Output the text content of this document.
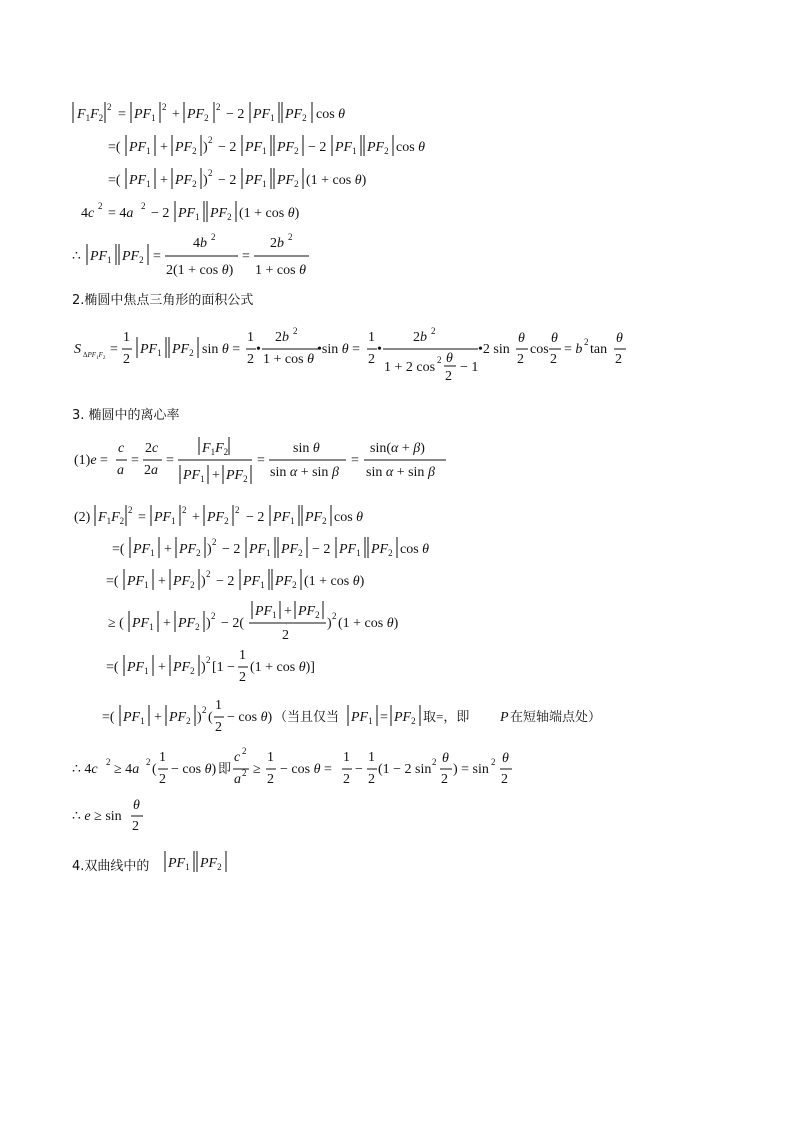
$F_1F_2$
$2 = PF_1$
$2 + PF_2$
2 − 2 $PF_1$ $PF_2$ cos θ
=( $PF_1 + PF_2$ ) 2 − 2 $PF_1$ $PF_2 - 2$ $PF_1$ $PF_2$ cos θ
=( $PF_1 + PF_2$ ) 2 − 2 $PF_1$ $PF_2$ (1 + cos θ)
4c 2 = 4a 2 − 2 $PF_1$ $PF_2$ (1 + cos θ)
∴ $PF_1$ $PF_2$ =
4b 2
2(1 + cos θ)
=
2b 2
1 + cos θ
S $\Delta PF_1F_2$
=
1
2
$PF_1$ $PF_2$ sin θ =
1
2
•
2b 2
1 + cos θ
•sin θ =
1
2
•
2b 2
1 + 2 cos 2 θ
2
− 1
•2 sin
θ
2
cos
θ
2
= b 2 tan
θ
2
(1)e =
c
a
=
2c
2a
=
$F_1F_2$
$PF_1 + PF_2$
=
sin θ
sin α + sin β
=
sin(α + β)
sin α + sin β
(2) $F_1F_2$
$2 = PF_1$
$2 + PF_2$
2 − 2 $PF_1$ $PF_2$ cos θ
=( $PF_1 + PF_2$ ) 2 − 2 $PF_1$ $PF_2 - 2$ $PF_1$ $PF_2$ cos θ
=( $PF_1 + PF_2$ ) 2 − 2 $PF_1$ $PF_2$ (1 + cos θ)
≥ ( $PF_1 + PF_2$ ) 2 − 2(
$PF_1 + PF_2$
2
) 2 (1 + cos θ)
=( $PF_1 + PF_2$ ) 2 [1 −
1
2
(1 + cos θ)]
=( $PF_1 + PF_2$ ) 2 (
1
2
− cos θ) （当且仅当 $PF_1 = PF_2$ 取=，即 P 在短轴端点处）
∴ 4c 2 ≥ 4a 2 (
1
2
− cos θ) 即
c 2
a 2 ≥
1
2
− cos θ =
1
2
−
1
2
(1 − 2 sin 2 θ
2
) = sin 2 θ
2
∴ e ≥ sin
θ
2
$PF_1$ $PF_2$
2.椭圆中焦点三角形的面积公式
3. 椭圆中的离心率
4.双曲线中的
